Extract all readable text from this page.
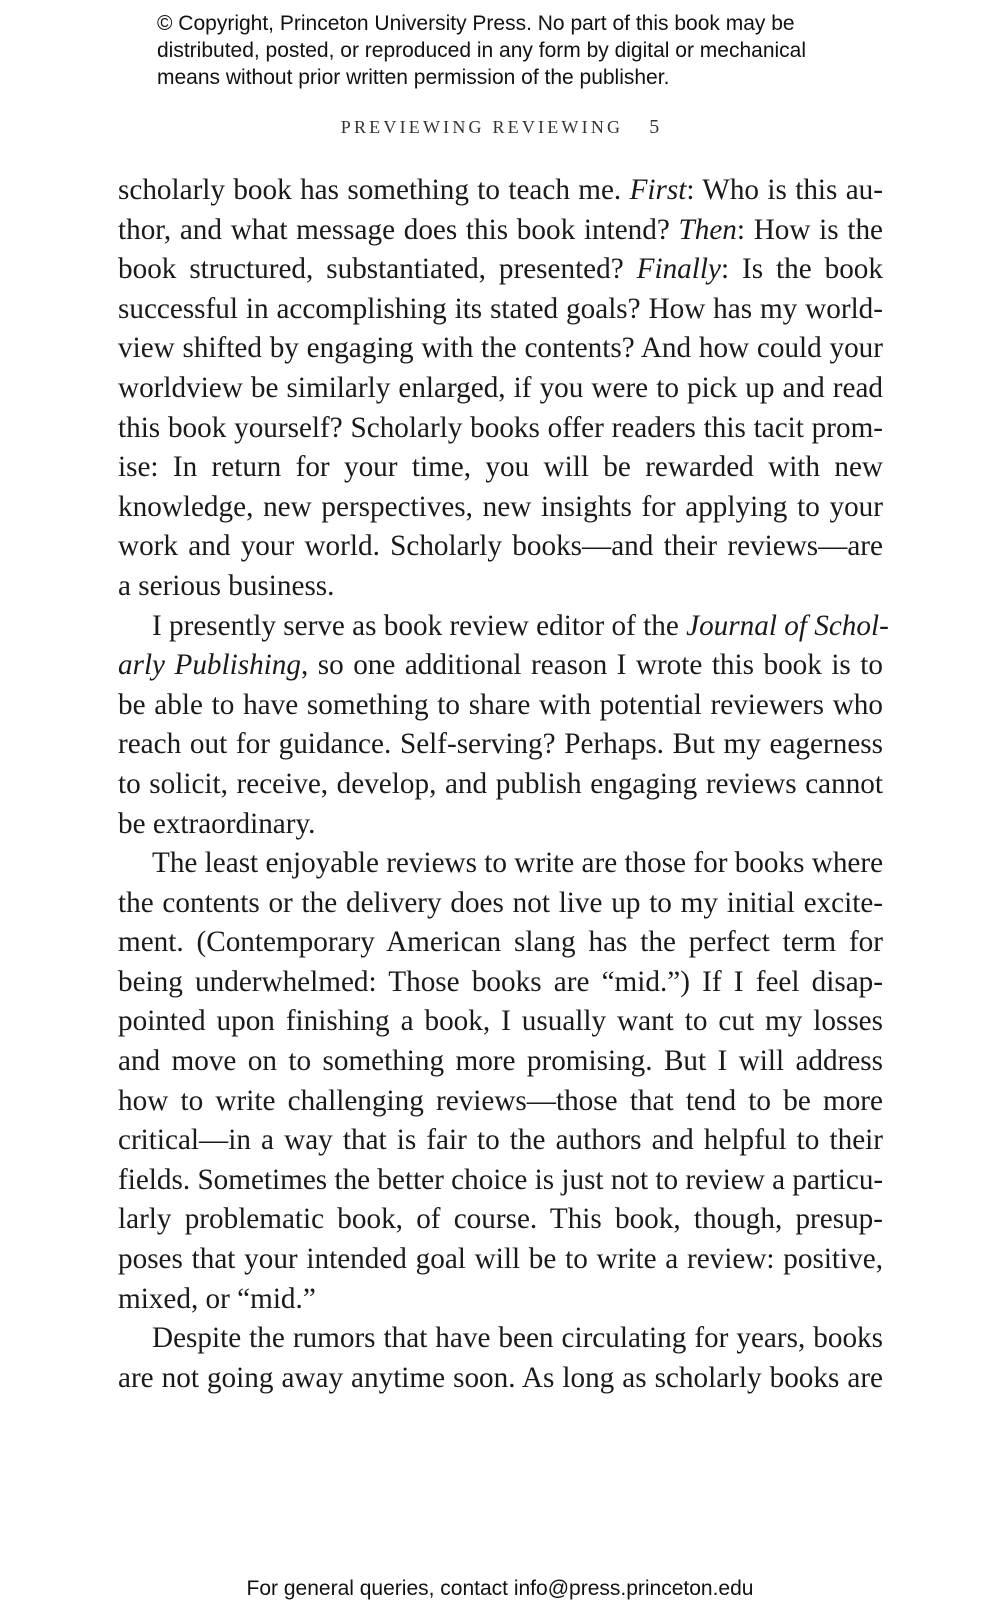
© Copyright, Princeton University Press. No part of this book may be
distributed, posted, or reproduced in any form by digital or mechanical
means without prior written permission of the publisher.
PREVIEWING REVIEWING 5
scholarly book has something to teach me. First: Who is this au-
thor, and what message does this book intend? Then: How is the
book structured, substantiated, presented? Finally: Is the book
successful in accomplishing its stated goals? How has my world-
view shifted by engaging with the contents? And how could your
worldview be similarly enlarged, if you were to pick up and read
this book yourself? Scholarly books offer readers this tacit prom-
ise: In return for your time, you will be rewarded with new
knowledge, new perspectives, new insights for applying to your
work and your world. Scholarly books—and their reviews—are
a serious business.
I presently serve as book review editor of the Journal of Schol-
arly Publishing, so one additional reason I wrote this book is to
be able to have something to share with potential reviewers who
reach out for guidance. Self-serving? Perhaps. But my eagerness
to solicit, receive, develop, and publish engaging reviews cannot
be extraordinary.
The least enjoyable reviews to write are those for books where
the contents or the delivery does not live up to my initial excite-
ment. (Contemporary American slang has the perfect term for
being underwhelmed: Those books are “mid.”) If I feel disap-
pointed upon finishing a book, I usually want to cut my losses
and move on to something more promising. But I will address
how to write challenging reviews—those that tend to be more
critical—in a way that is fair to the authors and helpful to their
fields. Sometimes the better choice is just not to review a particu-
larly problematic book, of course. This book, though, presup-
poses that your intended goal will be to write a review: positive,
mixed, or “mid.”
Despite the rumors that have been circulating for years, books
are not going away anytime soon. As long as scholarly books are
For general queries, contact info@press.princeton.edu
